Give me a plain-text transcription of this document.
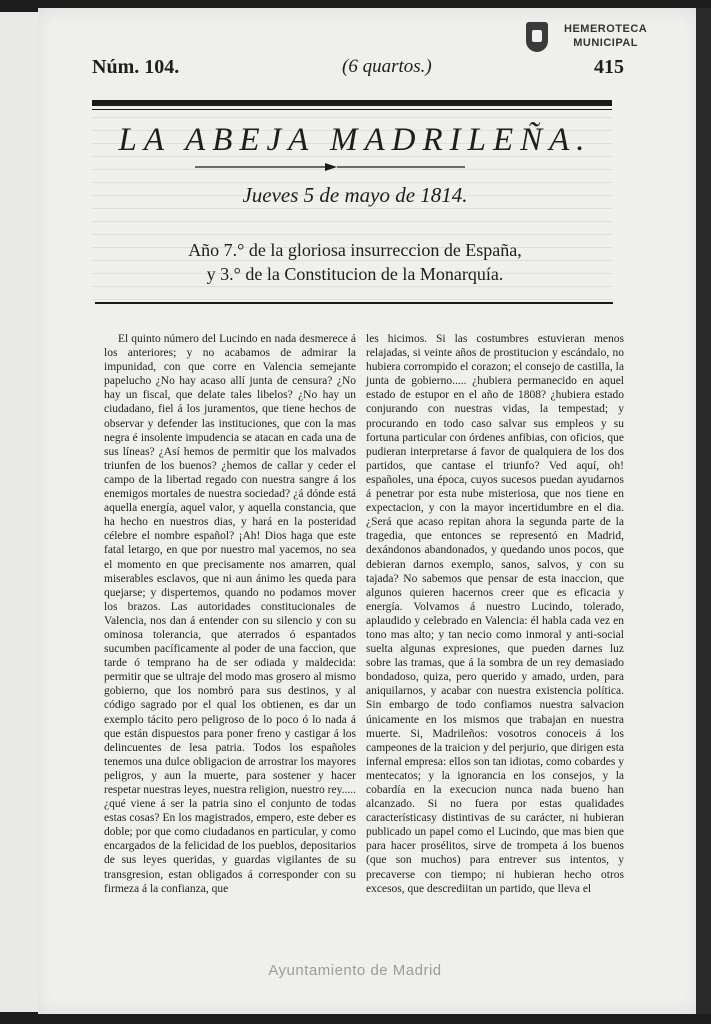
Núm. 104.	(6 quartos.)	415
HEMEROTECA
MUNICIPAL
LA ABEJA MADRILEÑA.
Jueves 5 de mayo de 1814.
Año 7.° de la gloriosa insurreccion de España,
y 3.° de la Constitucion de la Monarquía.

El quinto número del Lucindo en nada desmerece á los anteriores; y no acabamos de admirar la impunidad, con que corre en Valencia semejante papelucho ¿No hay acaso allí junta de censura? ¿No hay un fiscal, que delate tales libelos? ¿No hay un ciudadano, fiel á los juramentos, que tiene hechos de observar y defender las instituciones, que con la mas negra é insolente impudencia se atacan en cada una de sus líneas? ¿Así hemos de permitir que los malvados triunfen de los buenos? ¿hemos de callar y ceder el campo de la libertad regado con nuestra sangre á los enemigos mortales de nuestra sociedad? ¿á dónde está aquella energía, aquel valor, y aquella constancia, que ha hecho en nuestros dias, y hará en la posteridad célebre el nombre español? ¡Ah! Dios haga que este fatal letargo, en que por nuestro mal yacemos, no sea el momento en que precisamente nos amarren, qual miserables esclavos, que ni aun ánimo les queda para quejarse; y dispertemos, quando no podamos mover los brazos. Las autoridades constitucionales de Valencia, nos dan á entender con su silencio y con su ominosa tolerancia, que aterrados ó espantados sucumben pacíficamente al poder de una faccion, que tarde ó temprano ha de ser odiada y maldecida: permitir que se ultraje del modo mas grosero al mismo gobierno, que los nombró para sus destinos, y al código sagrado por el qual los obtienen, es dar un exemplo tácito pero peligroso de lo poco ó lo nada á que están dispuestos para poner freno y castigar á los delincuentes de lesa patria. Todos los españoles tenemos una dulce obligacion de arrostrar los mayores peligros, y aun la muerte, para sostener y hacer respetar nuestras leyes, nuestra religion, nuestro rey..... ¿qué viene á ser la patria sino el conjunto de todas estas cosas? En los magistrados, empero, este deber es doble; por que como ciudadanos en particular, y como encargados de la felicidad de los pueblos, depositarios de sus leyes queridas, y guardas vigilantes de su transgresion, estan obligados á corresponder con su firmeza á la confianza, que

les hicimos. Si las costumbres estuvieran menos relajadas, si veinte años de prostitucion y escándalo, no hubiera corrompido el corazon; el consejo de castilla, la junta de gobierno..... ¿hubiera permanecido en aquel estado de estupor en el año de 1808? ¿hubiera estado conjurando con nuestras vidas, la tempestad; y procurando en todo caso salvar sus empleos y su fortuna particular con órdenes anfibias, con oficios, que pudieran interpretarse á favor de qualquiera de los dos partidos, que cantase el triunfo? Ved aquí, oh! españoles, una época, cuyos sucesos puedan ayudarnos á penetrar por esta nube misteriosa, que nos tiene en expectacion, y con la mayor incertidumbre en el dia. ¿Será que acaso repitan ahora la segunda parte de la tragedia, que entonces se representó en Madrid, dexándonos abandonados, y quedando unos pocos, que debieran darnos exemplo, sanos, salvos, y con su tajada? No sabemos que pensar de esta inaccion, que algunos quieren hacernos creer que es eficacia y energía. Volvamos á nuestro Lucindo, tolerado, aplaudido y celebrado en Valencia: él habla cada vez en tono mas alto; y tan necio como inmoral y anti-social suelta algunas expresiones, que pueden darnes luz sobre las tramas, que á la sombra de un rey demasiado bondadoso, quiza, pero querido y amado, urden, para aniquilarnos, y acabar con nuestra existencia política. Sin embargo de todo confiamos nuestra salvacion únicamente en los mismos que trabajan en nuestra muerte. Si, Madrileños: vosotros conoceis á los campeones de la traicion y del perjurio, que dirigen esta infernal empresa: ellos son tan idiotas, como cobardes y mentecatos; y la ignorancia en los consejos, y la cobardía en la execucion nunca nada bueno han alcanzado. Si no fuera por estas qualidades característicasy distintivas de su carácter, ni hubieran publicado un papel como el Lucindo, que mas bien que para hacer prosélitos, sirve de trompeta á los buenos (que son muchos) para entrever sus intentos, y precaverse con tiempo; ni hubieran hecho otros excesos, que descrediitan un partido, que lleva el

Ayuntamiento de Madrid
